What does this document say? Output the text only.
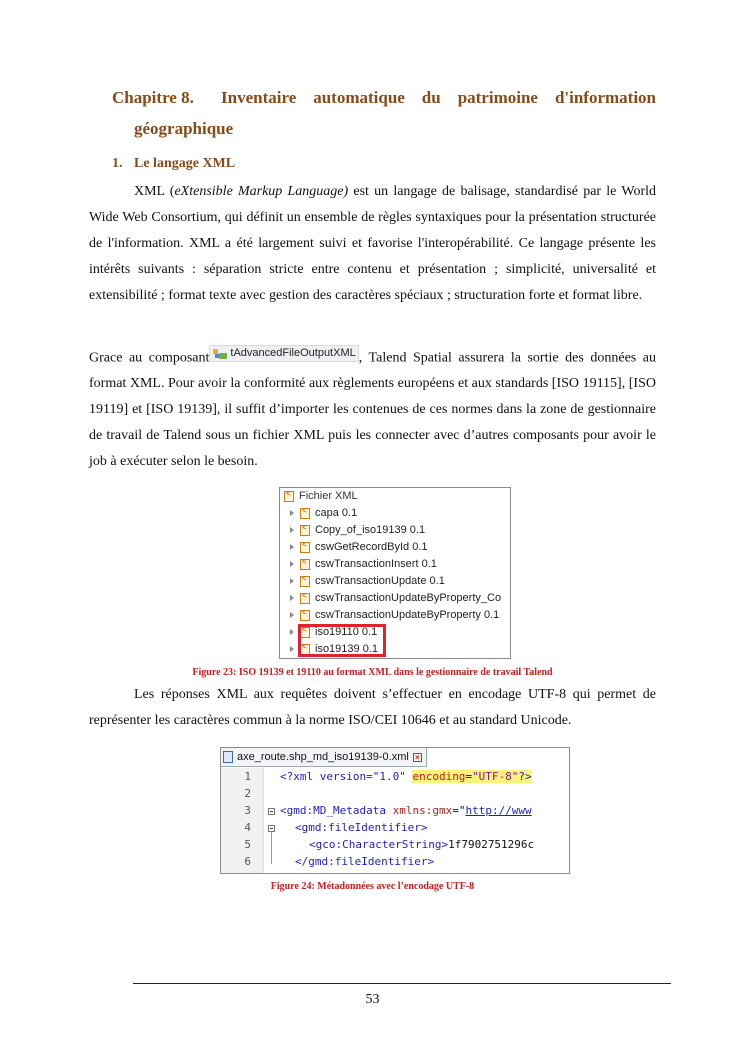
Chapitre 8. Inventaire automatique du patrimoine d'information
géographique
1. Le langage XML
XML (eXtensible Markup Language) est un langage de balisage, standardisé par le World Wide Web Consortium, qui définit un ensemble de règles syntaxiques pour la présentation structurée de l'information. XML a été largement suivi et favorise l'interopérabilité. Ce langage présente les intérêts suivants : séparation stricte entre contenu et présentation ; simplicité, universalité et extensibilité ; format texte avec gestion des caractères spéciaux ; structuration forte et format libre.
Grace au composant tAdvancedFileOutputXML , Talend Spatial assurera la sortie des données au format XML. Pour avoir la conformité aux règlements européens et aux standards [ISO 19115], [ISO 19119] et [ISO 19139], il suffit d’importer les contenues de ces normes dans la zone de gestionnaire de travail de Talend sous un fichier XML puis les connecter avec d’autres composants pour avoir le job à exécuter selon le besoin.
<
Fichier XML
<
capa 0.1
<
Copy_of_iso19139 0.1
<
cswGetRecordById 0.1
<
cswTransactionInsert 0.1
<
cswTransactionUpdate 0.1
<
cswTransactionUpdateByProperty_Co
<
cswTransactionUpdateByProperty 0.1
<
iso19110 0.1
<
iso19139 0.1
Figure 23: ISO 19139 et 19110 au format XML dans le gestionnaire de travail Talend
Les réponses XML aux requêtes doivent s’effectuer en encodage UTF-8 qui permet de représenter les caractères commun à la norme ISO/CEI 10646 et au standard Unicode.
axe_route.shp_md_iso19139-0.xml ×
1
2
3
4
5
6
<?xml version="1.0" encoding="UTF-8"?>
<gmd:MD_Metadata xmlns:gmx="http://www
<gmd:fileIdentifier>
<gco:CharacterString>1f7902751296c
</gmd:fileIdentifier>
Figure 24: Métadonnées avec l’encodage UTF-8
53
